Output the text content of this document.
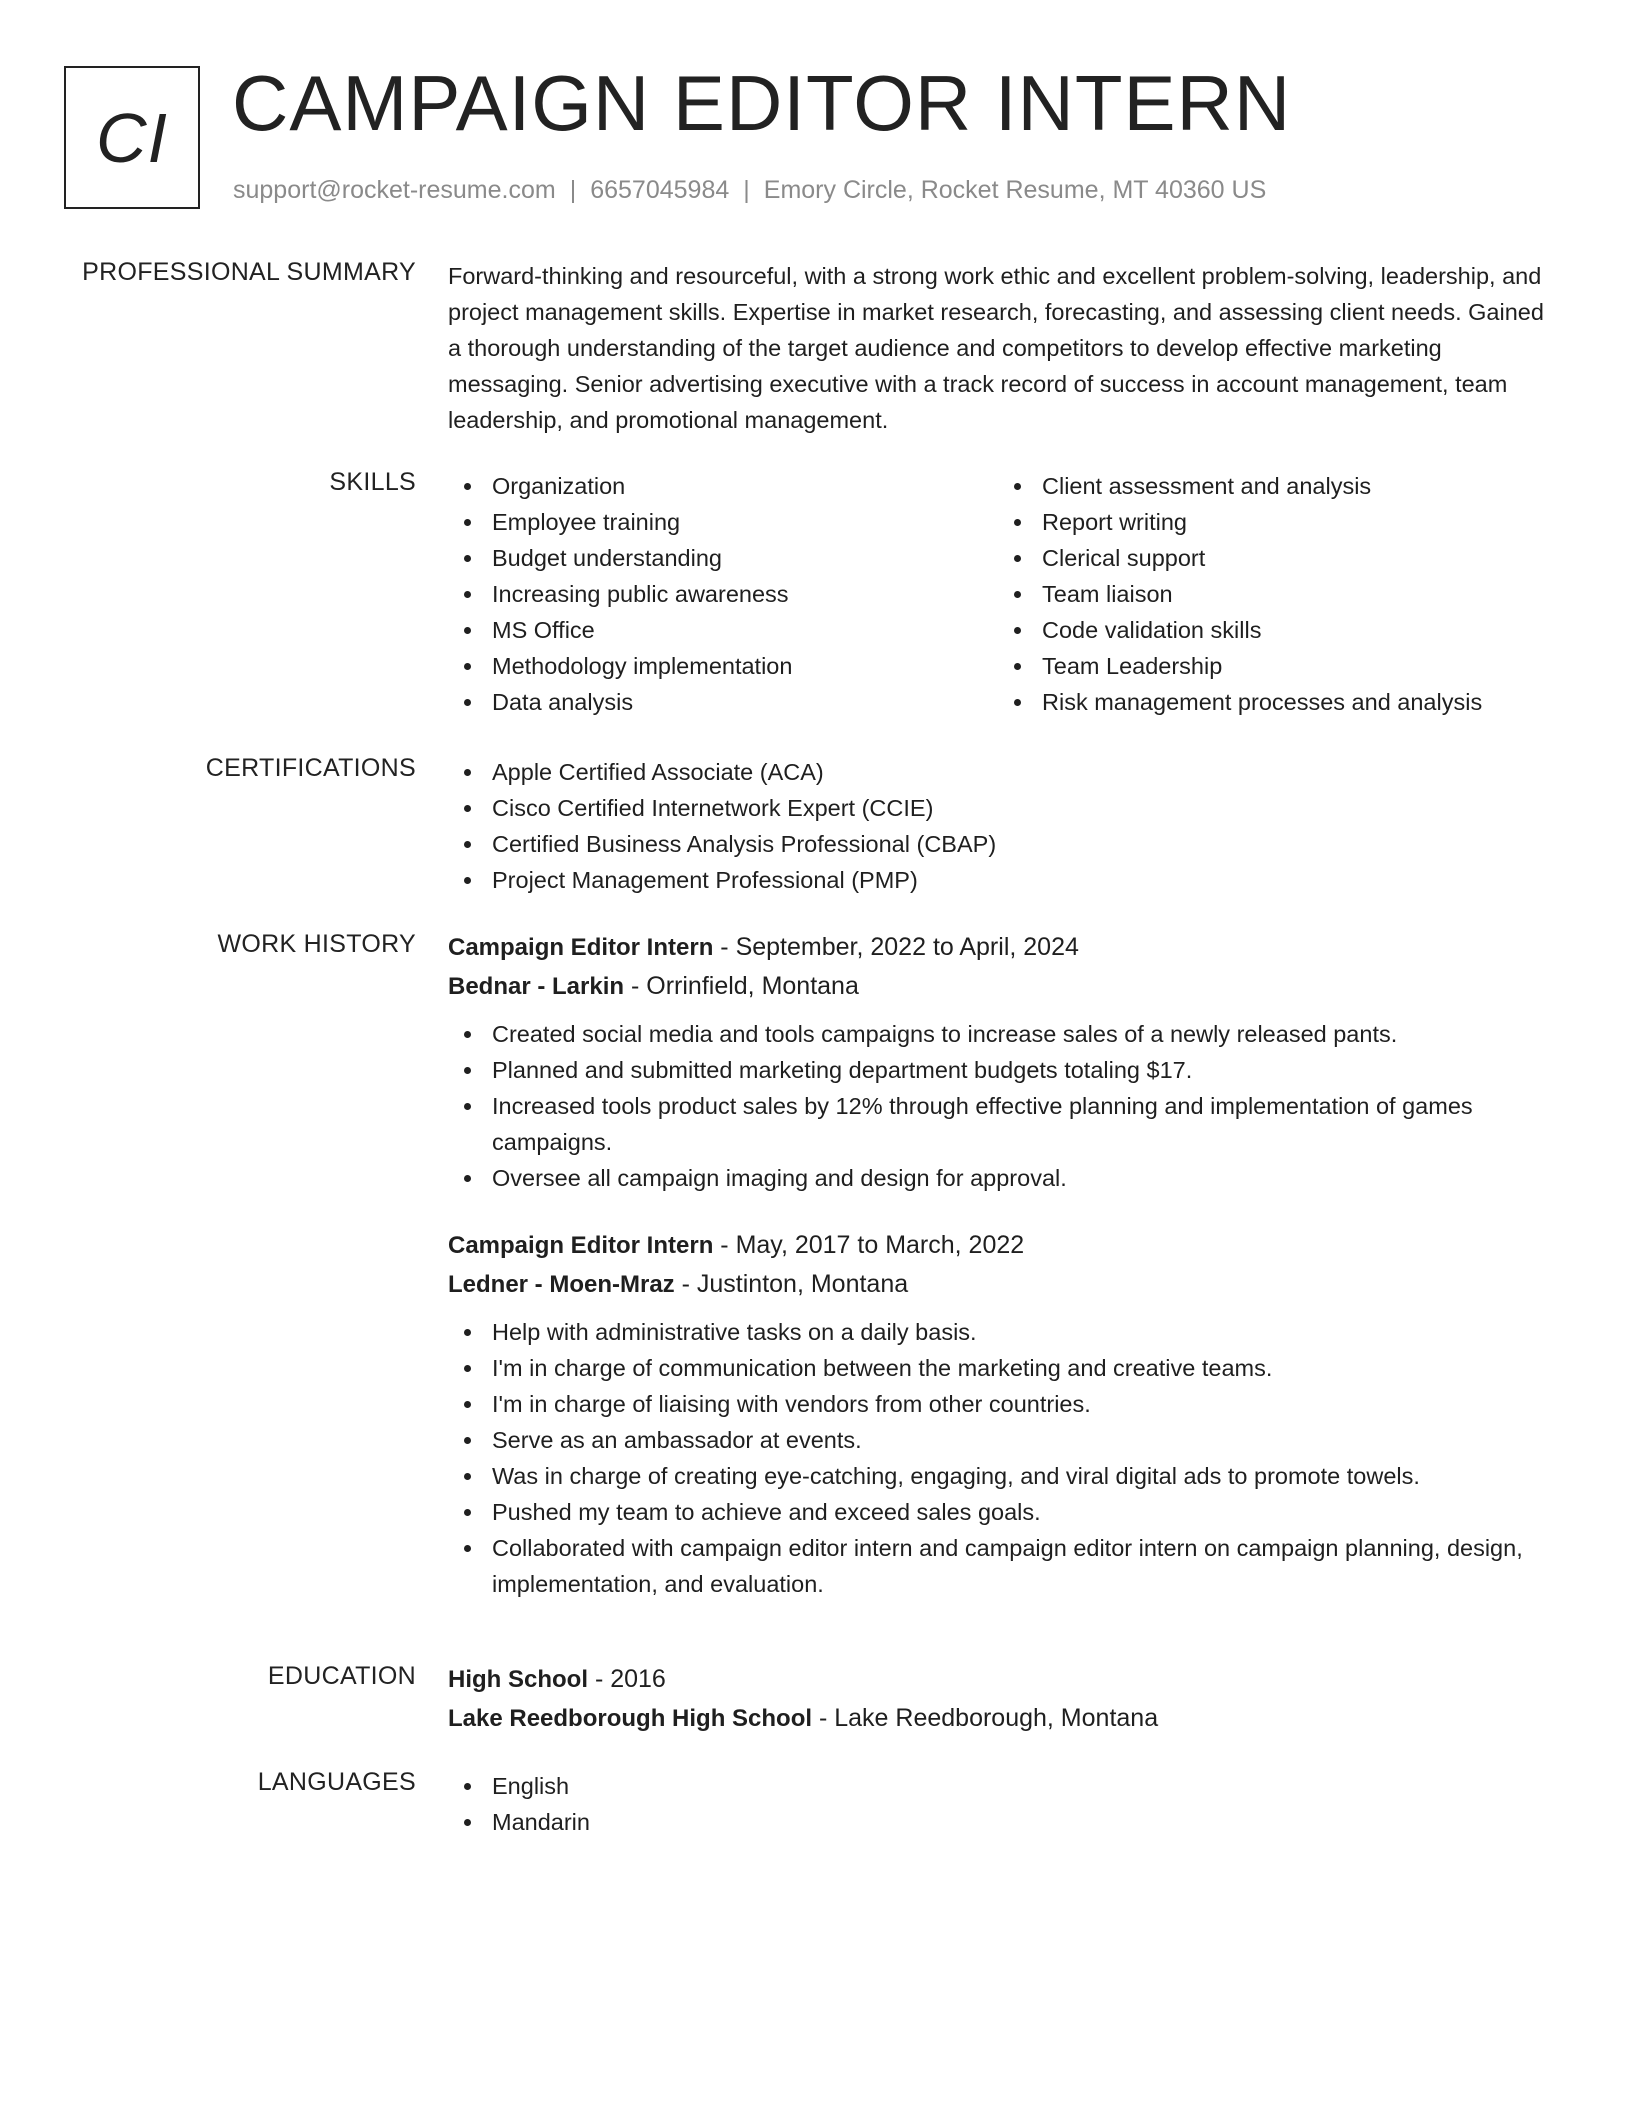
CI CAMPAIGN EDITOR INTERN
support@rocket-resume.com | 6657045984 | Emory Circle, Rocket Resume, MT 40360 US
PROFESSIONAL SUMMARY Forward-thinking and resourceful, with a strong work ethic and excellent problem-solving, leadership, and project management skills. Expertise in market research, forecasting, and assessing client needs. Gained a thorough understanding of the target audience and competitors to develop effective marketing messaging. Senior advertising executive with a track record of success in account management, team leadership, and promotional management.
SKILLS	Organization
Employee training
Budget understanding
Increasing public awareness
MS Office
Methodology implementation
Data analysis
Client assessment and analysis
Report writing
Clerical support
Team liaison
Code validation skills
Team Leadership
Risk management processes and analysis
CERTIFICATIONS	Apple Certified Associate (ACA)
Cisco Certified Internetwork Expert (CCIE)
Certified Business Analysis Professional (CBAP)
Project Management Professional (PMP)
WORK HISTORY Campaign Editor Intern - September, 2022 to April, 2024
Bednar - Larkin - Orrinfield, Montana
Created social media and tools campaigns to increase sales of a newly released pants.
Planned and submitted marketing department budgets totaling $17.
Increased tools product sales by 12% through effective planning and implementation of games campaigns.
Oversee all campaign imaging and design for approval.
Campaign Editor Intern - May, 2017 to March, 2022
Ledner - Moen-Mraz - Justinton, Montana
Help with administrative tasks on a daily basis.
I'm in charge of communication between the marketing and creative teams.
I'm in charge of liaising with vendors from other countries.
Serve as an ambassador at events.
Was in charge of creating eye-catching, engaging, and viral digital ads to promote towels.
Pushed my team to achieve and exceed sales goals.
Collaborated with campaign editor intern and campaign editor intern on campaign planning, design, implementation, and evaluation.
EDUCATION High School - 2016
Lake Reedborough High School - Lake Reedborough, Montana
LANGUAGES	English
Mandarin
